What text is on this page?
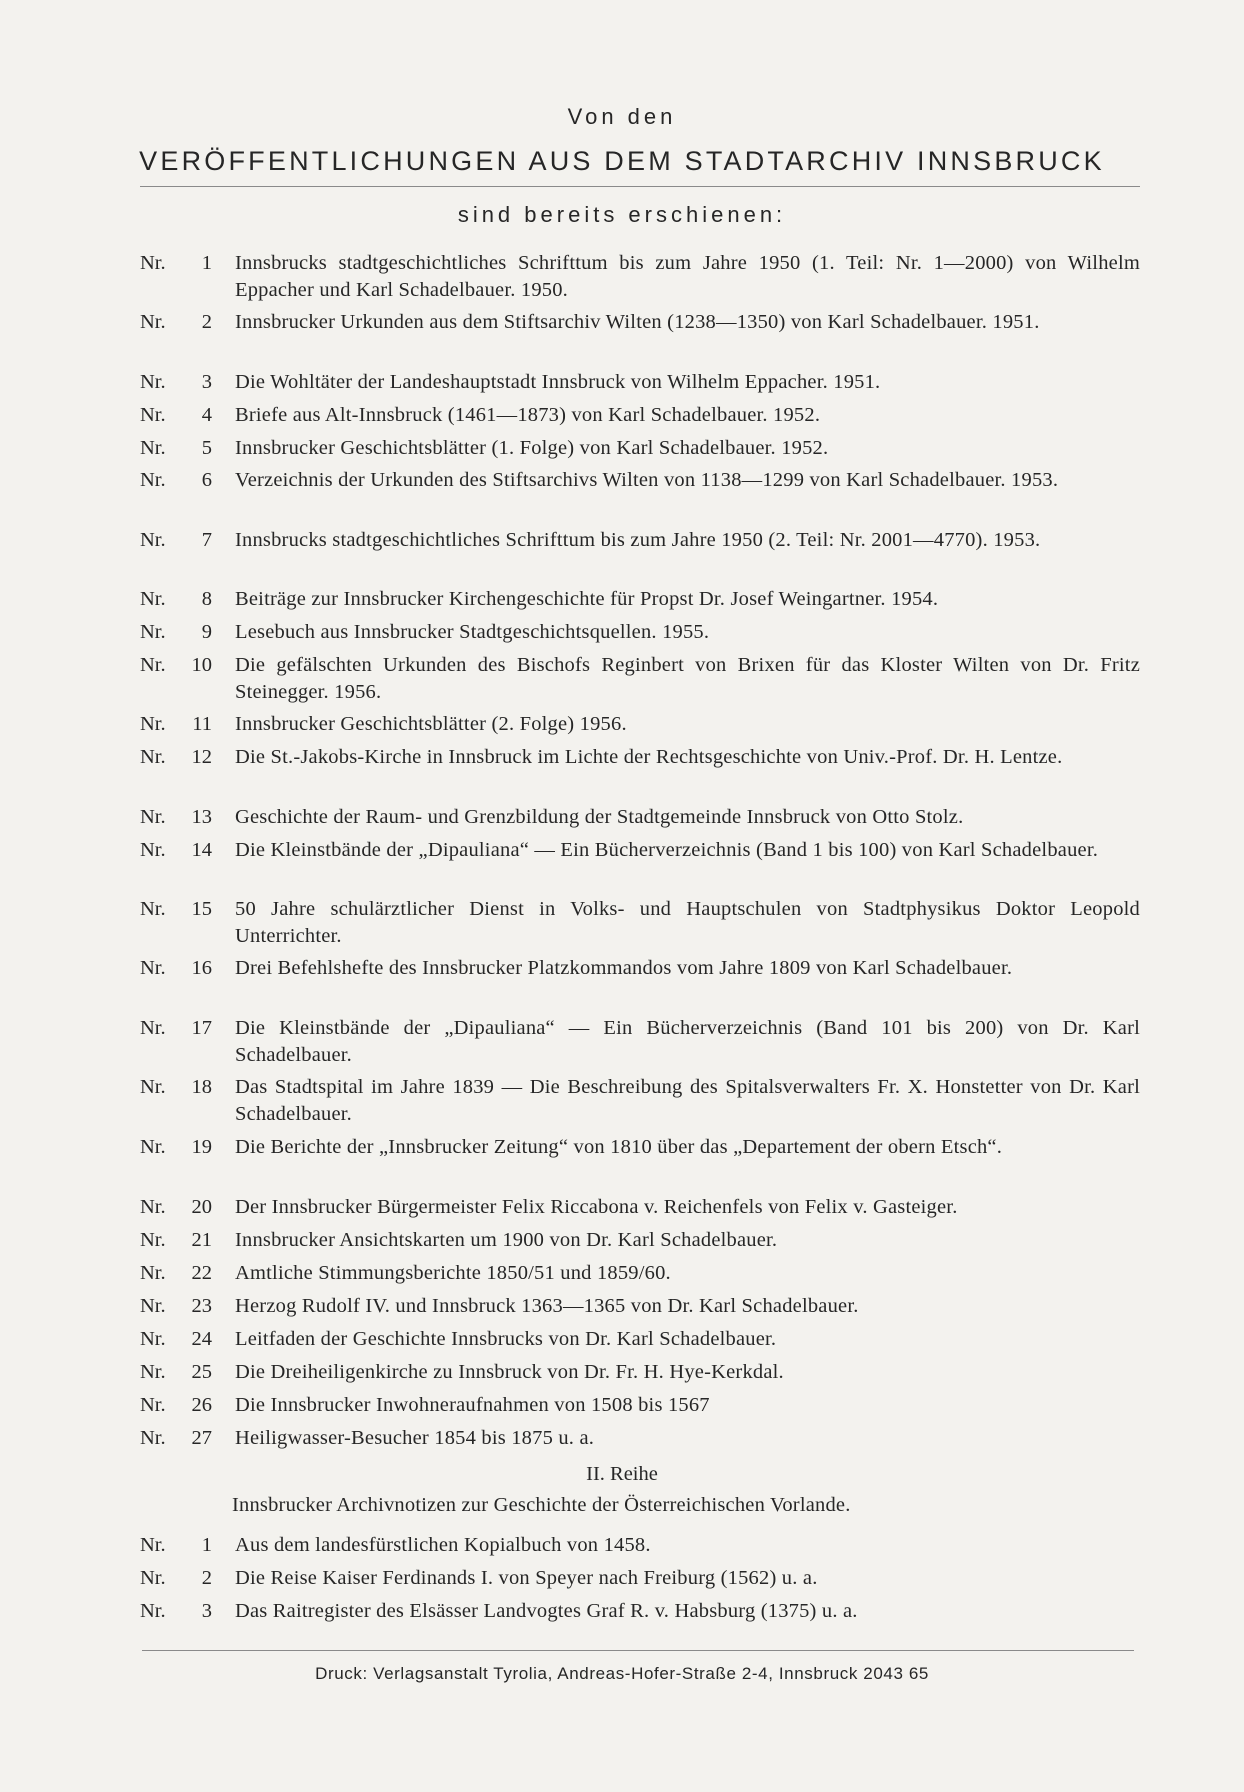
Von den
VERÖFFENTLICHUNGEN AUS DEM STADTARCHIV INNSBRUCK
sind bereits erschienen:
Nr. 1 Innsbrucks stadtgeschichtliches Schrifttum bis zum Jahre 1950 (1. Teil: Nr. 1—2000) von Wilhelm Eppacher und Karl Schadelbauer. 1950.
Nr. 2 Innsbrucker Urkunden aus dem Stiftsarchiv Wilten (1238—1350) von Karl Schadelbauer. 1951.
Nr. 3 Die Wohltäter der Landeshauptstadt Innsbruck von Wilhelm Eppacher. 1951.
Nr. 4 Briefe aus Alt-Innsbruck (1461—1873) von Karl Schadelbauer. 1952.
Nr. 5 Innsbrucker Geschichtsblätter (1. Folge) von Karl Schadelbauer. 1952.
Nr. 6 Verzeichnis der Urkunden des Stiftsarchivs Wilten von 1138—1299 von Karl Schadelbauer. 1953.
Nr. 7 Innsbrucks stadtgeschichtliches Schrifttum bis zum Jahre 1950 (2. Teil: Nr. 2001—4770). 1953.
Nr. 8 Beiträge zur Innsbrucker Kirchengeschichte für Propst Dr. Josef Weingartner. 1954.
Nr. 9 Lesebuch aus Innsbrucker Stadtgeschichtsquellen. 1955.
Nr. 10 Die gefälschten Urkunden des Bischofs Reginbert von Brixen für das Kloster Wilten von Dr. Fritz Steinegger. 1956.
Nr. 11 Innsbrucker Geschichtsblätter (2. Folge) 1956.
Nr. 12 Die St.-Jakobs-Kirche in Innsbruck im Lichte der Rechtsgeschichte von Univ.-Prof. Dr. H. Lentze.
Nr. 13 Geschichte der Raum- und Grenzbildung der Stadtgemeinde Innsbruck von Otto Stolz.
Nr. 14 Die Kleinstbände der „Dipauliana“ — Ein Bücherverzeichnis (Band 1 bis 100) von Karl Schadelbauer.
Nr. 15 50 Jahre schulärztlicher Dienst in Volks- und Hauptschulen von Stadtphysikus Doktor Leopold Unterrichter.
Nr. 16 Drei Befehlshefte des Innsbrucker Platzkommandos vom Jahre 1809 von Karl Schadelbauer.
Nr. 17 Die Kleinstbände der „Dipauliana“ — Ein Bücherverzeichnis (Band 101 bis 200) von Dr. Karl Schadelbauer.
Nr. 18 Das Stadtspital im Jahre 1839 — Die Beschreibung des Spitalsverwalters Fr. X. Honstetter von Dr. Karl Schadelbauer.
Nr. 19 Die Berichte der „Innsbrucker Zeitung“ von 1810 über das „Departement der obern Etsch“.
Nr. 20 Der Innsbrucker Bürgermeister Felix Riccabona v. Reichenfels von Felix v. Gasteiger.
Nr. 21 Innsbrucker Ansichtskarten um 1900 von Dr. Karl Schadelbauer.
Nr. 22 Amtliche Stimmungsberichte 1850/51 und 1859/60.
Nr. 23 Herzog Rudolf IV. und Innsbruck 1363—1365 von Dr. Karl Schadelbauer.
Nr. 24 Leitfaden der Geschichte Innsbrucks von Dr. Karl Schadelbauer.
Nr. 25 Die Dreiheiligenkirche zu Innsbruck von Dr. Fr. H. Hye-Kerkdal.
Nr. 26 Die Innsbrucker Inwohneraufnahmen von 1508 bis 1567
Nr. 27 Heiligwasser-Besucher 1854 bis 1875 u. a.
II. Reihe
Innsbrucker Archivnotizen zur Geschichte der Österreichischen Vorlande.
Nr. 1 Aus dem landesfürstlichen Kopialbuch von 1458.
Nr. 2 Die Reise Kaiser Ferdinands I. von Speyer nach Freiburg (1562) u. a.
Nr. 3 Das Raitregister des Elsässer Landvogtes Graf R. v. Habsburg (1375) u. a.
Druck: Verlagsanstalt Tyrolia, Andreas-Hofer-Straße 2-4, Innsbruck 2043 65
